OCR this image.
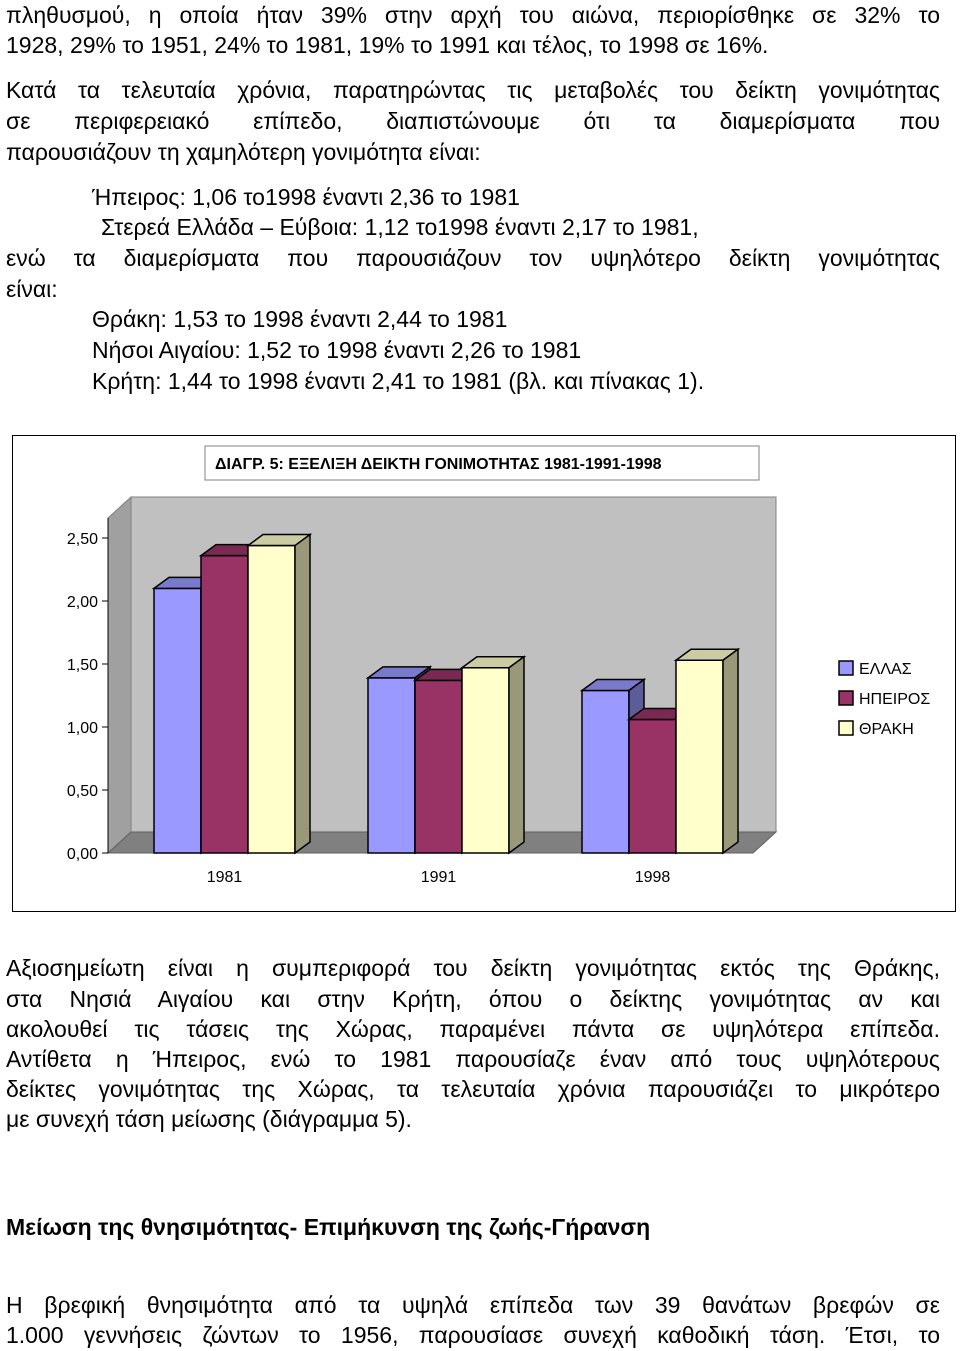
πληθυσμού, η οποία ήταν 39% στην αρχή του αιώνα, περιορίσθηκε σε 32% το

1928, 29% το 1951, 24% το 1981, 19% το 1991 και τέλος, το 1998 σε 16%.

Κατά τα τελευταία χρόνια, παρατηρώντας τις μεταβολές του δείκτη γονιμότητας

σε περιφερειακό επίπεδο, διαπιστώνουμε ότι τα διαμερίσματα που

παρουσιάζουν τη χαμηλότερη γονιμότητα είναι:

Ήπειρος: 1,06 το1998 έναντι 2,36 το 1981

Στερεά Ελλάδα – Εύβοια: 1,12 το1998 έναντι 2,17 το 1981,

ενώ τα διαμερίσματα που παρουσιάζουν τον υψηλότερο δείκτη γονιμότητας

είναι:

Θράκη: 1,53 το 1998 έναντι 2,44 το 1981

Νήσοι Αιγαίου: 1,52 το 1998 έναντι 2,26 το 1981

Κρήτη: 1,44 το 1998 έναντι 2,41 το 1981 (βλ. και πίνακας 1).

0,00
0,50
1,00
1,50
2,00
2,50
1981	1991	1998
ΕΛΛΑΣ
ΗΠΕΙΡΟΣ
ΘΡΑΚΗ
ΔΙΑΓΡ. 5: ΕΞΕΛΙΞΗ ΔΕΙΚΤΗ ΓΟΝΙΜΟΤΗΤΑΣ 1981-1991-1998

Αξιοσημείωτη είναι η συμπεριφορά του δείκτη γονιμότητας εκτός της Θράκης,

στα Νησιά Αιγαίου και στην Κρήτη, όπου ο δείκτης γονιμότητας αν και

ακολουθεί τις τάσεις της Χώρας, παραμένει πάντα σε υψηλότερα επίπεδα.

Αντίθετα η Ήπειρος, ενώ το 1981 παρουσίαζε έναν από τους υψηλότερους

δείκτες γονιμότητας της Χώρας, τα τελευταία χρόνια παρουσιάζει το μικρότερο

με συνεχή τάση μείωσης (διάγραμμα 5).

Μείωση της θνησιμότητας- Επιμήκυνση της ζωής-Γήρανση

Η βρεφική θνησιμότητα από τα υψηλά επίπεδα των 39 θανάτων βρεφών σε

1.000 γεννήσεις ζώντων το 1956, παρουσίασε συνεχή καθοδική τάση. Έτσι, το
